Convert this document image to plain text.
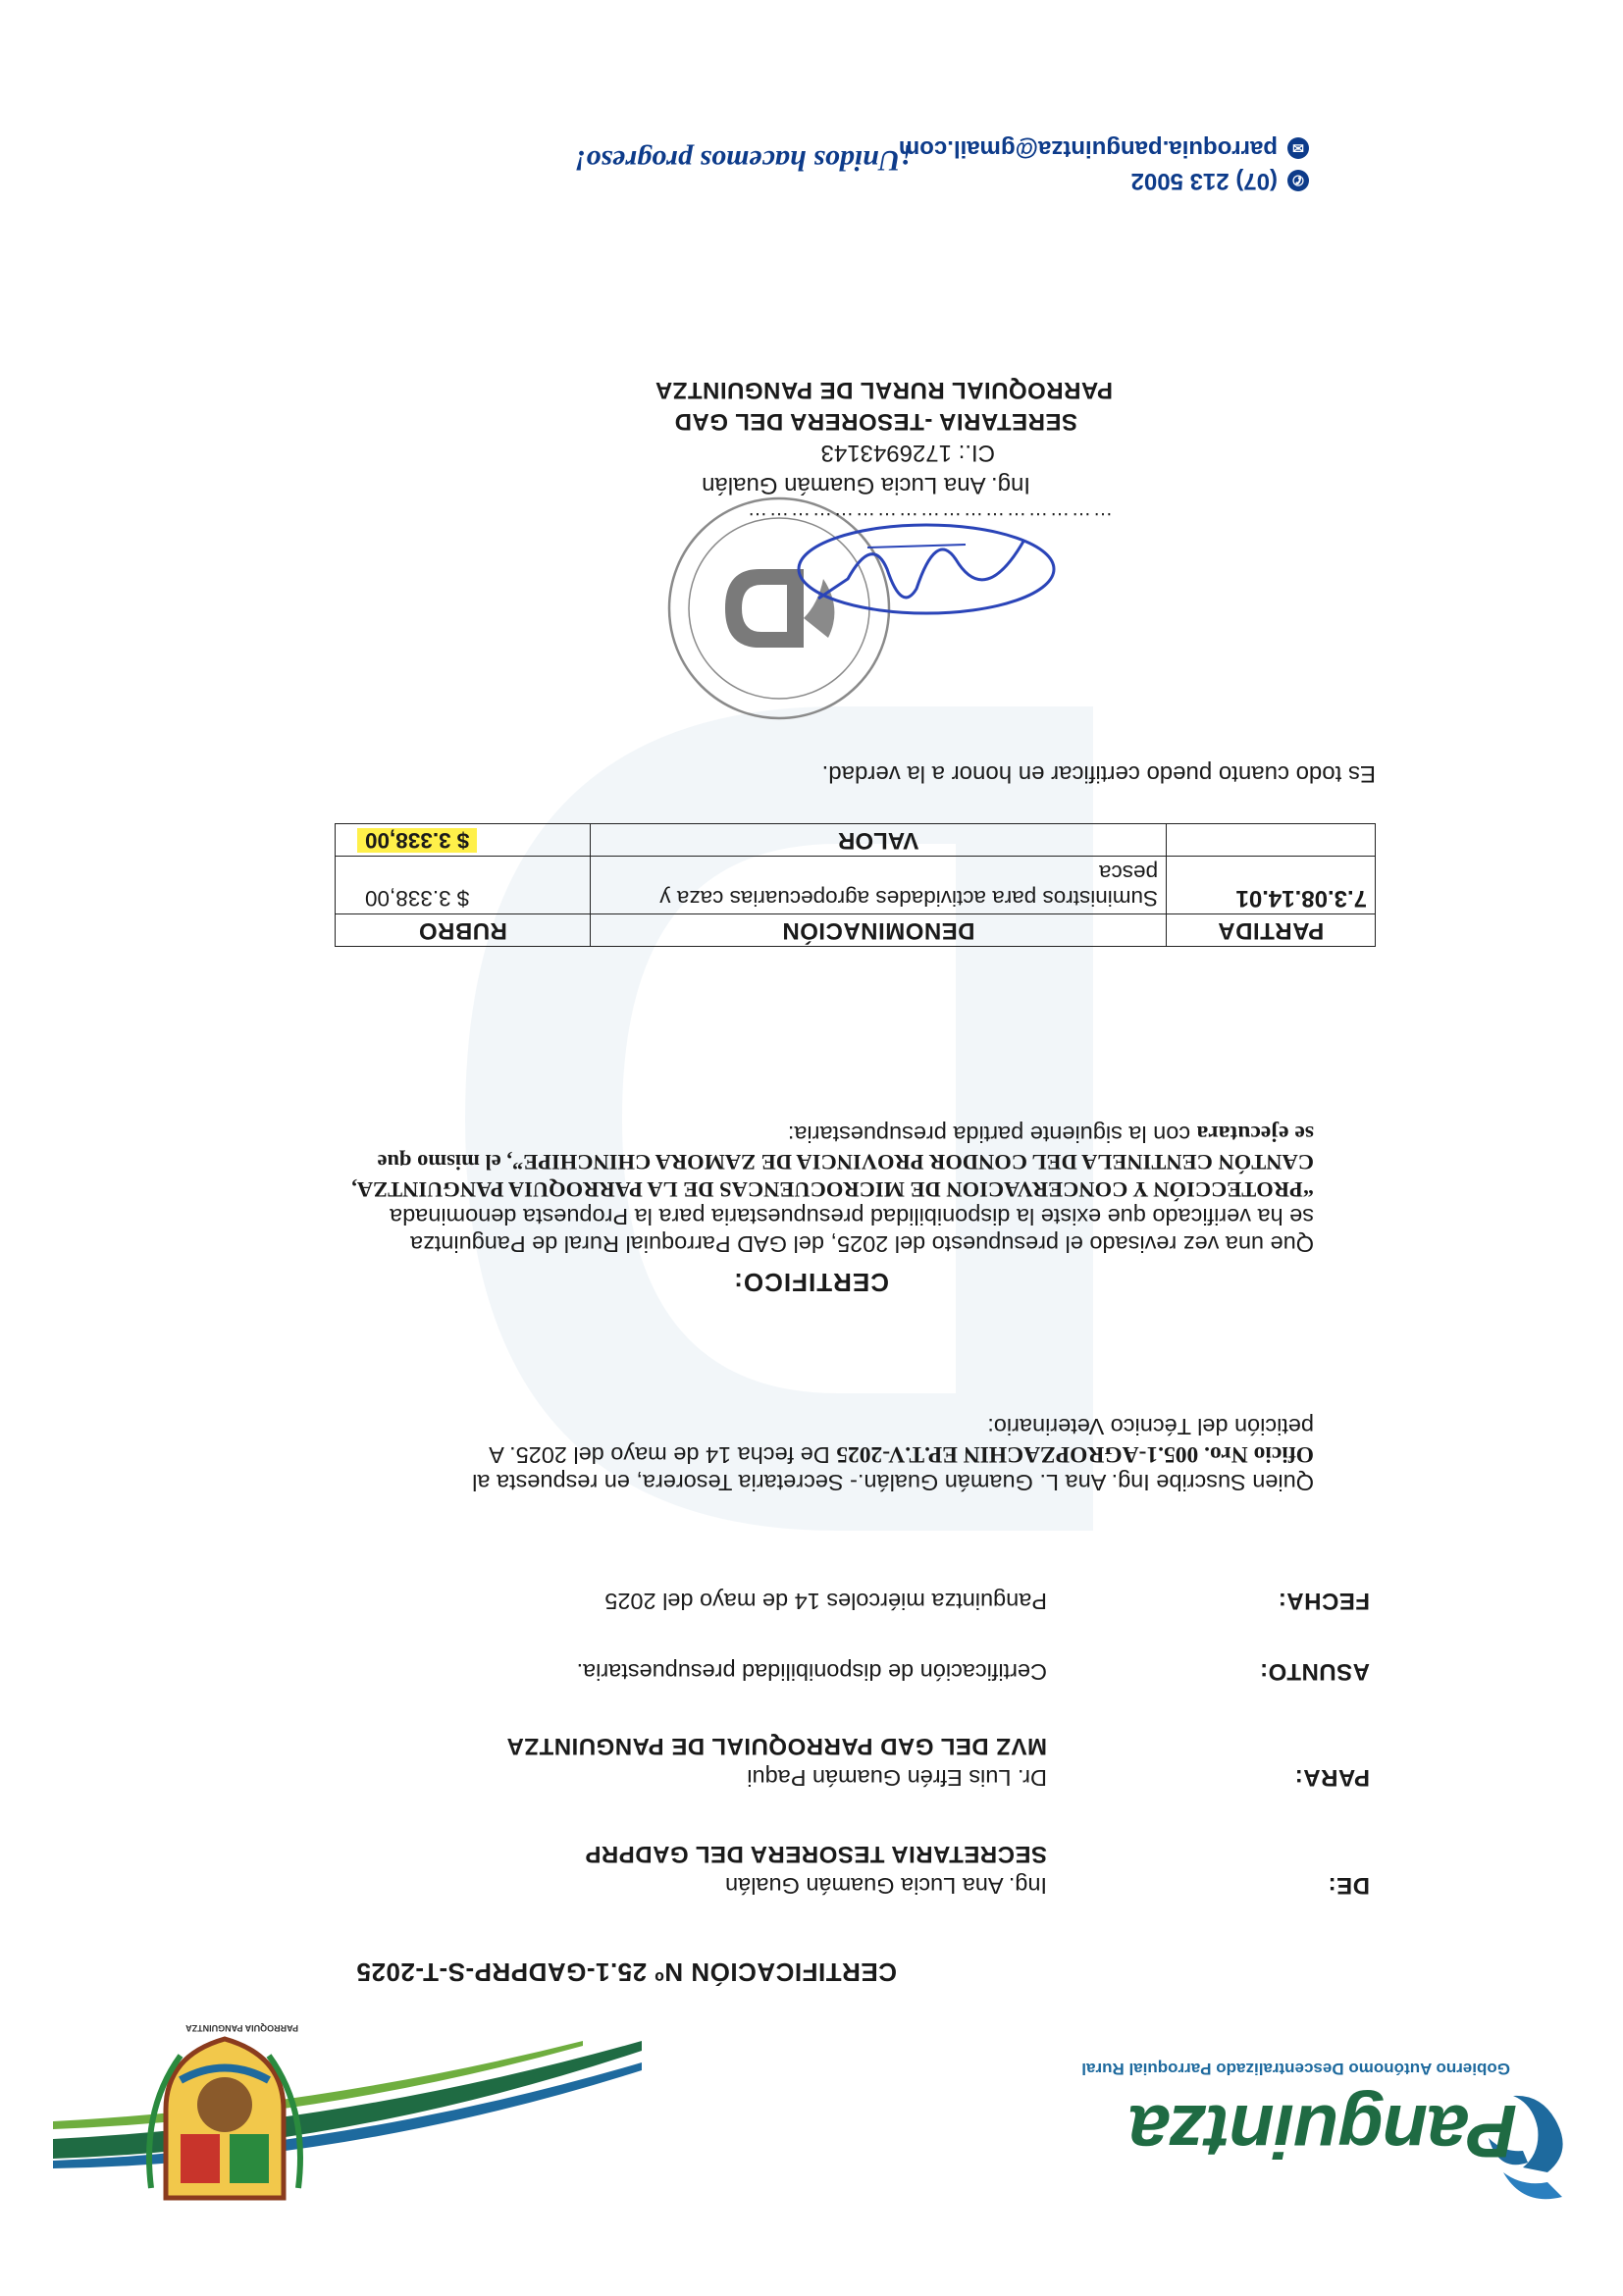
Panguintza
Gobierno Autónomo Descentralizado Parroquial Rural
PARROQUIA PANGUINTZA
CERTIFICACIÓN Nº 25.1-GADPRP-S-T-2025
DE:
Ing. Ana Lucia Guamán Gualán
SECRETARIA TESORERA DEL GADPRP
PARA:
Dr. Luis Efrén Guamán Paqui
MVZ DEL GAD PARROQUIAL DE PANGUINTZA
ASUNTO:
Certificación de disponibilidad presupuestaria.
FECHA:
Panguintza miércoles 14 de mayo del 2025
Quien Suscribe Ing. Ana L. Guamán Gualán.- Secretaria Tesorera, en respuesta al
Oficio Nro. 005.1-AGROPZACHIN EP.T.V-2025 De fecha 14 de mayo del 2025. A
petición del Técnico Veterinario:
CERTIFICO:
Que una vez revisado el presupuesto del 2025, del GAD Parroquial Rural de Panguintza
se ha verificado que existe la disponibilidad presupuestaria para la Propuesta denominada
“PROTECCIÓN Y CONCERVACION DE MICROCUENCAS DE LA PARROQUIA PANGUINTZA,
CANTÓN CENTINELA DEL CONDOR PROVINCIA DE ZAMORA CHINCHIPE”, el mismo que
se ejecutara con la siguiente partida presupuestaria:
PARTIDA	DENOMINACIÓN	RUBRO
7.3.08.14.01	Suministros para actividades agropecuarias caza y pesca	$ 3.338,00
	VALOR	$ 3.338,00
Es todo cuanto puedo certificar en honor a la verdad.
……………………………………………
Ing. Ana Lucia Guamán Gualán
CI.: 1726943143
SERETARIA -TESORERA DEL GAD
PARROQUIAL RURAL DE PANGUINTZA
✆(07) 213 5002
✉parroquia.panguintza@gmail.com
¡Unidos hacemos progreso!
